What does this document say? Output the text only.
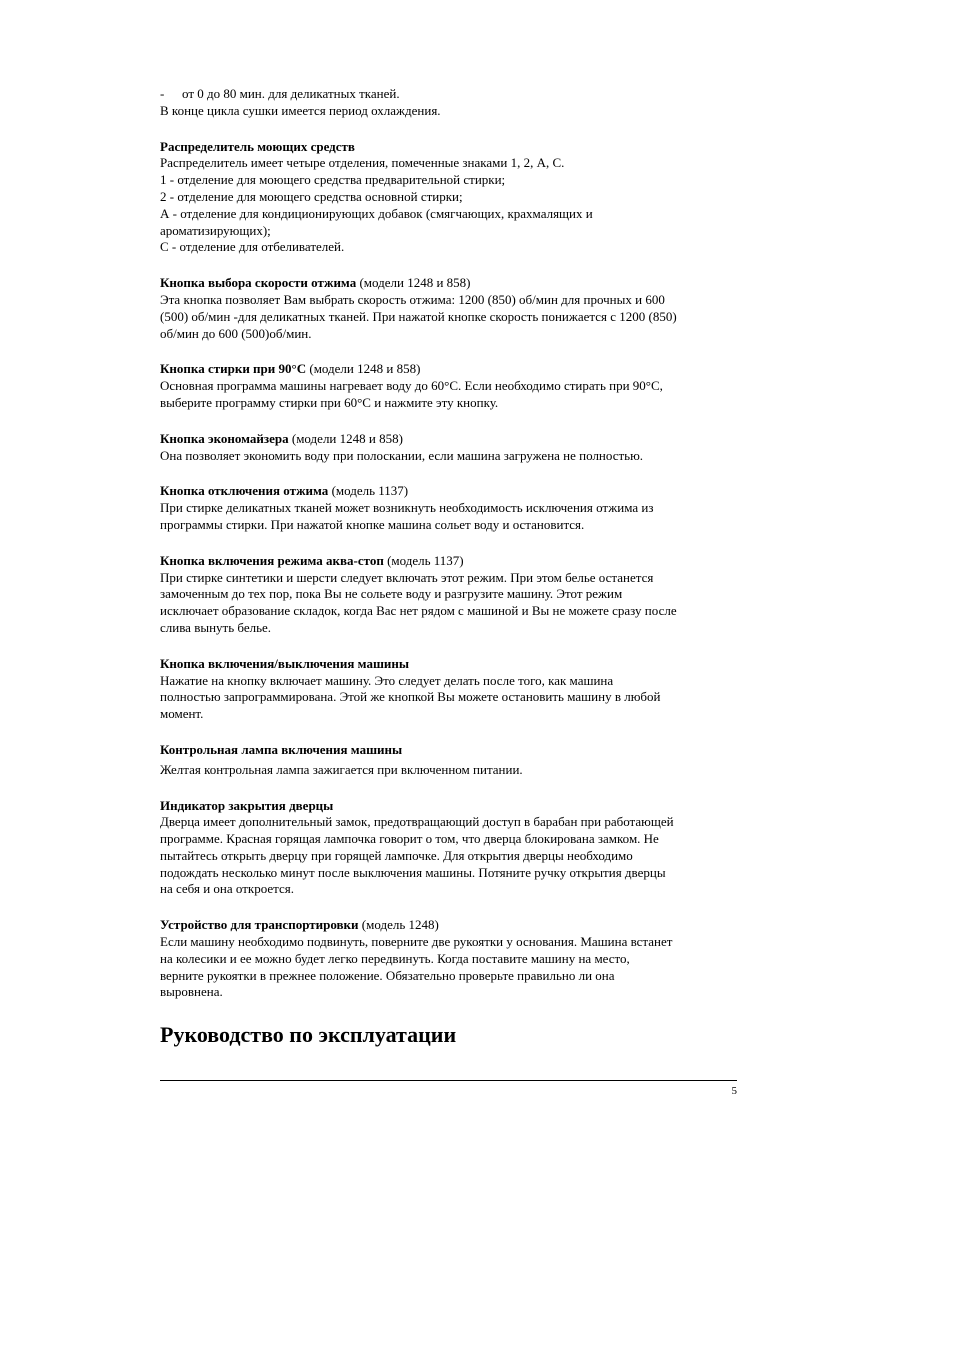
- от 0 до 80 мин. для деликатных тканей.

В конце цикла сушки имеется период охлаждения.

Распределитель моющих средств

Распределитель имеет четыре отделения, помеченные знаками 1, 2, А, С.

1 - отделение для моющего средства предварительной стирки;

2 - отделение для моющего средства основной стирки;

А - отделение для кондиционирующих добавок (смягчающих, крахмалящих и

ароматизирующих);

С - отделение для отбеливателей.

Кнопка выбора скорости отжима (модели 1248 и 858)

Эта кнопка позволяет Вам выбрать скорость отжима: 1200 (850) об/мин для прочных и 600

(500) об/мин -для деликатных тканей. При нажатой кнопке скорость понижается с 1200 (850)

об/мин до 600 (500)об/мин.

Кнопка стирки при 90°С (модели 1248 и 858)

Основная программа машины нагревает воду до 60°С. Если необходимо стирать при 90°С,

выберите программу стирки при 60°С и нажмите эту кнопку.

Кнопка экономайзера (модели 1248 и 858)

Она позволяет экономить воду при полоскании, если машина загружена не полностью.

Кнопка отключения отжима (модель 1137)

При стирке деликатных тканей может возникнуть необходимость исключения отжима из

программы стирки. При нажатой кнопке машина сольет воду и остановится.

Кнопка включения режима аква-стоп (модель 1137)

При стирке синтетики и шерсти следует включать этот режим. При этом белье останется

замоченным до тех пор, пока Вы не сольете воду и разгрузите машину. Этот режим

исключает образование складок, когда Вас нет рядом с машиной и Вы не можете сразу после

слива вынуть белье.

Кнопка включения/выключения машины

Нажатие на кнопку включает машину. Это следует делать после того, как машина

полностью запрограммирована. Этой же кнопкой Вы можете остановить машину в любой

момент.

Контрольная лампа включения машины

Желтая контрольная лампа зажигается при включенном питании.

Индикатор закрытия дверцы

Дверца имеет дополнительный замок, предотвращающий доступ в барабан при работающей

программе. Красная горящая лампочка говорит о том, что дверца блокирована замком. Не

пытайтесь открыть дверцу при горящей лампочке. Для открытия дверцы необходимо

подождать несколько минут после выключения машины. Потяните ручку открытия дверцы

на себя и она откроется.

Устройство для транспортировки (модель 1248)

Если машину необходимо подвинуть, поверните две рукоятки у основания. Машина встанет

на колесики и ее можно будет легко передвинуть. Когда поставите машину на место,

верните рукоятки в прежнее положение. Обязательно проверьте правильно ли она

выровнена.

Руководство по эксплуатации
5
